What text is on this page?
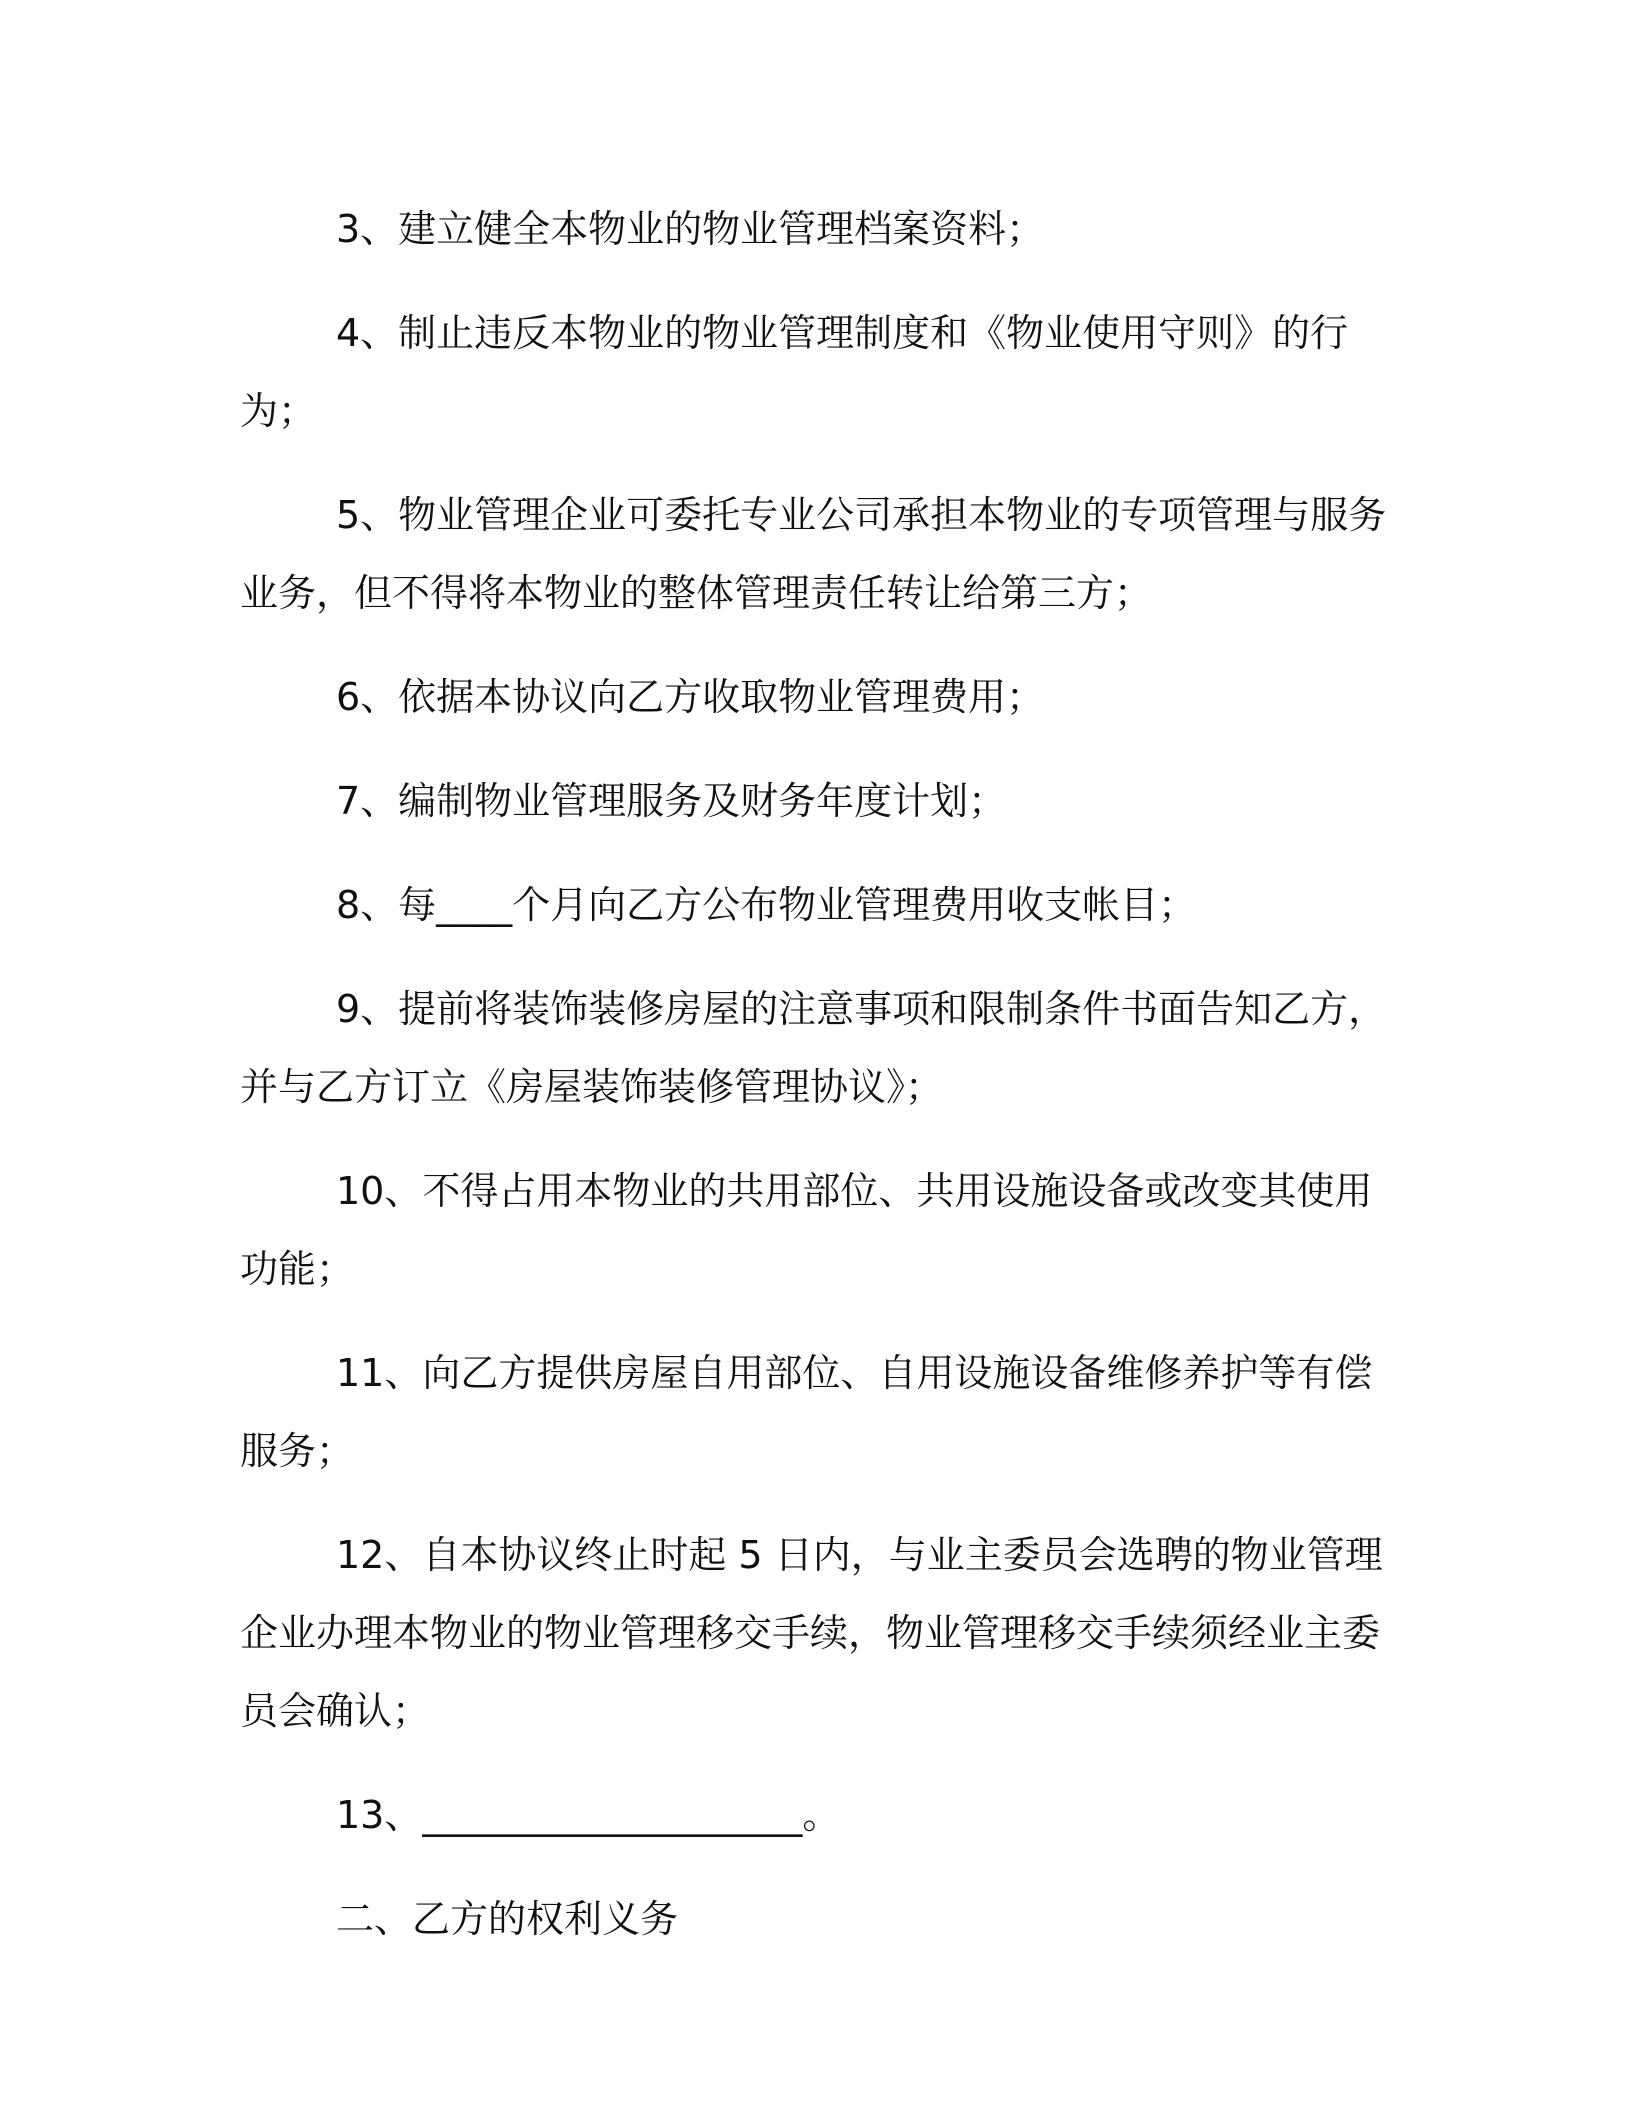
3、建立健全本物业的物业管理档案资料；

4、制止违反本物业的物业管理制度和《物业使用守则》的行为；

5、物业管理企业可委托专业公司承担本物业的专项管理与服务业务，但不得将本物业的整体管理责任转让给第三方；

6、依据本协议向乙方收取物业管理费用；

7、编制物业管理服务及财务年度计划；

8、每____个月向乙方公布物业管理费用收支帐目；

9、提前将装饰装修房屋的注意事项和限制条件书面告知乙方，并与乙方订立《房屋装饰装修管理协议》；

10、不得占用本物业的共用部位、共用设施设备或改变其使用功能；

11、向乙方提供房屋自用部位、自用设施设备维修养护等有偿服务；

12、自本协议终止时起 5 日内，与业主委员会选聘的物业管理企业办理本物业的物业管理移交手续，物业管理移交手续须经业主委员会确认；

13、____________________。

二、乙方的权利义务
